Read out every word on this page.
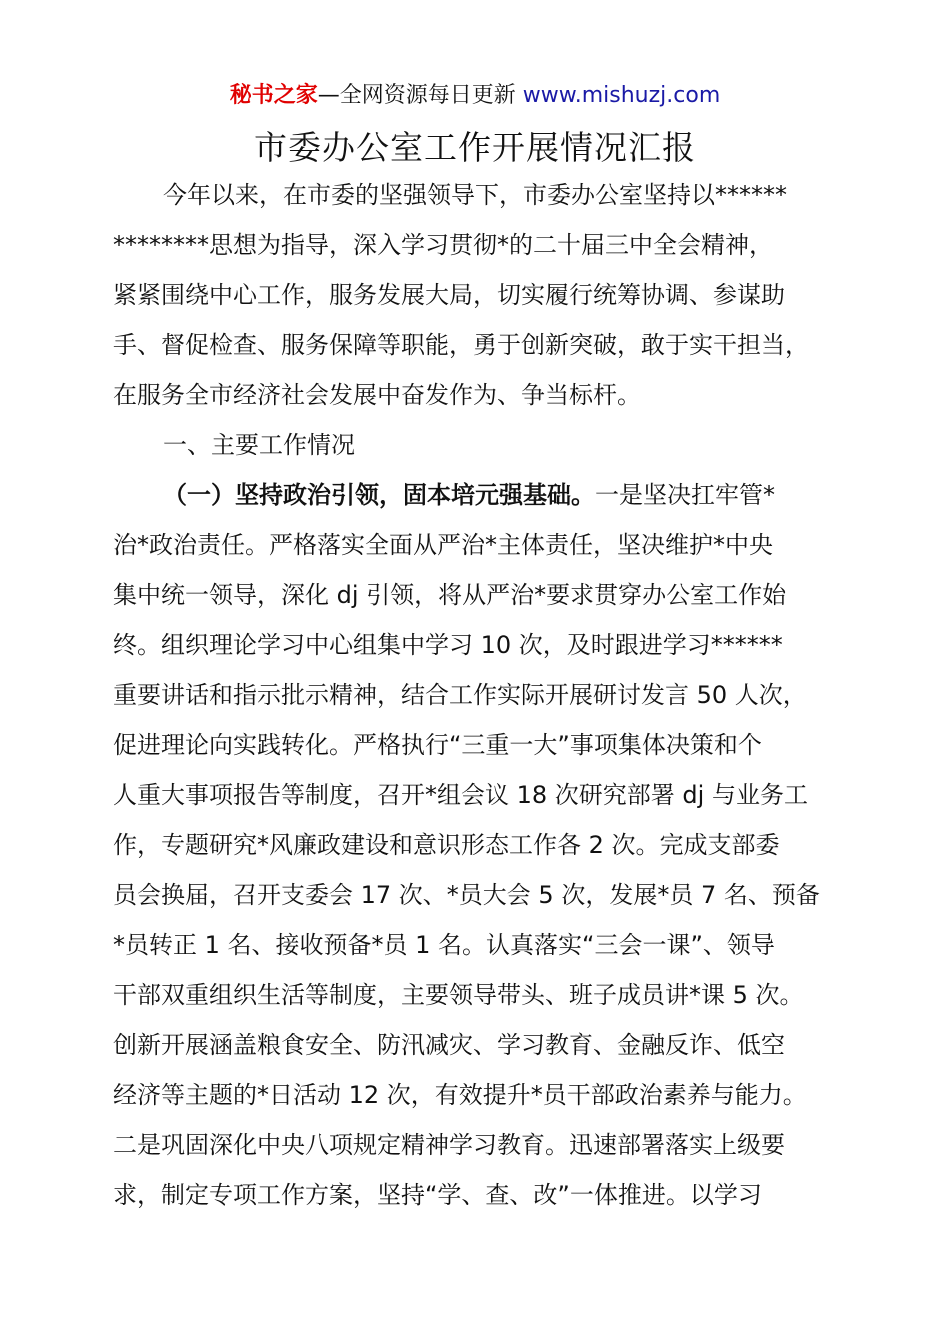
秘书之家—全网资源每日更新 www.mishuzj.com
市委办公室工作开展情况汇报
今年以来，在市委的坚强领导下，市委办公室坚持以******
********思想为指导，深入学习贯彻*的二十届三中全会精神，
紧紧围绕中心工作，服务发展大局，切实履行统筹协调、参谋助
手、督促检查、服务保障等职能，勇于创新突破，敢于实干担当，
在服务全市经济社会发展中奋发作为、争当标杆。
一、主要工作情况
（一）坚持政治引领，固本培元强基础。一是坚决扛牢管*
治*政治责任。严格落实全面从严治*主体责任，坚决维护*中央
集中统一领导，深化 dj 引领，将从严治*要求贯穿办公室工作始
终。组织理论学习中心组集中学习 10 次，及时跟进学习******
重要讲话和指示批示精神，结合工作实际开展研讨发言 50 人次，
促进理论向实践转化。严格执行“三重一大”事项集体决策和个
人重大事项报告等制度，召开*组会议 18 次研究部署 dj 与业务工
作，专题研究*风廉政建设和意识形态工作各 2 次。完成支部委
员会换届，召开支委会 17 次、*员大会 5 次，发展*员 7 名、预备
*员转正 1 名、接收预备*员 1 名。认真落实“三会一课”、领导
干部双重组织生活等制度，主要领导带头、班子成员讲*课 5 次。
创新开展涵盖粮食安全、防汛减灾、学习教育、金融反诈、低空
经济等主题的*日活动 12 次，有效提升*员干部政治素养与能力。
二是巩固深化中央八项规定精神学习教育。迅速部署落实上级要
求，制定专项工作方案，坚持“学、查、改”一体推进。以学习
